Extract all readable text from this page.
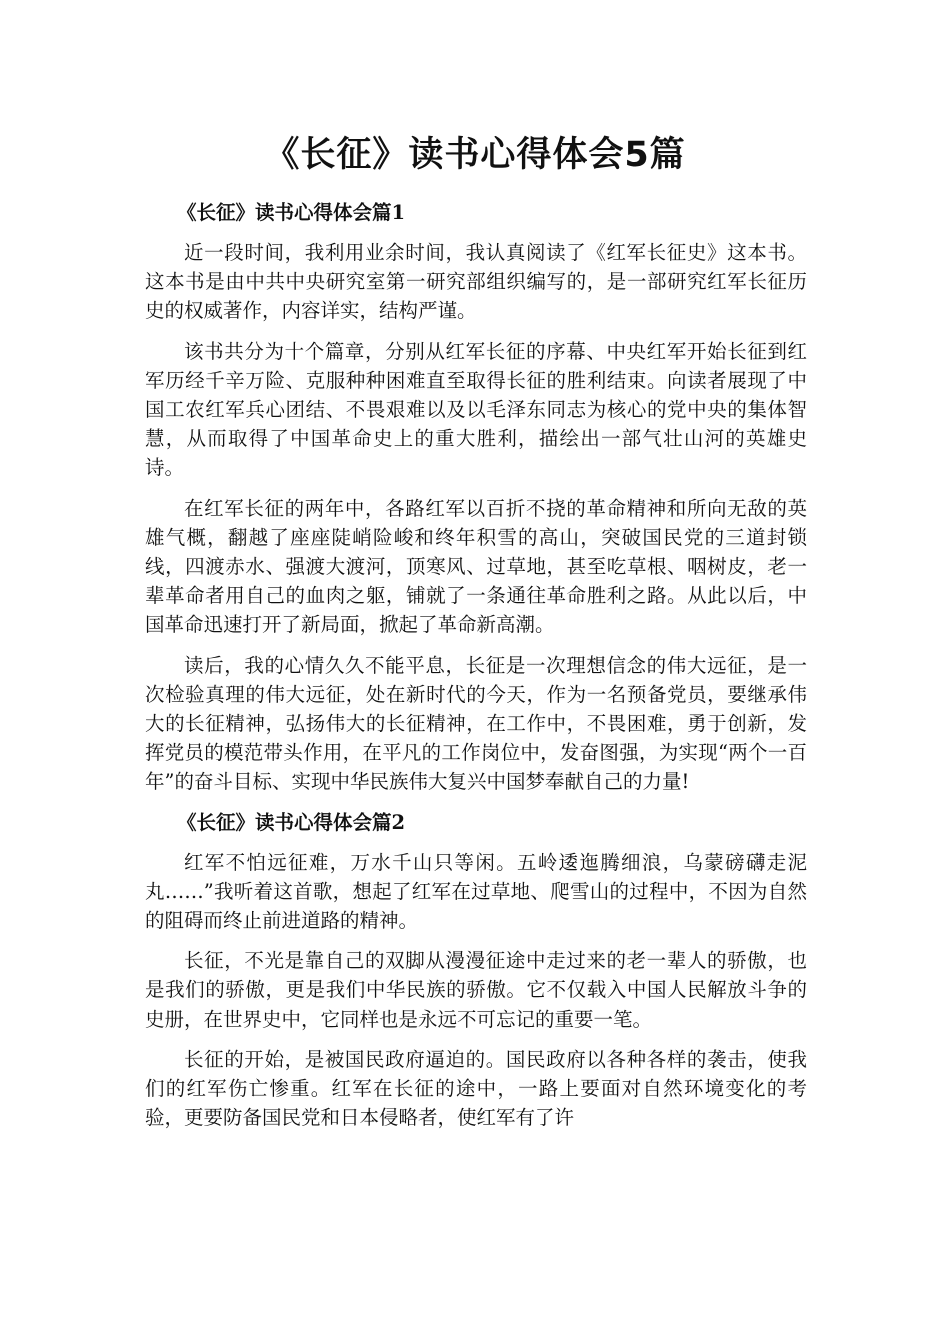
《长征》读书心得体会5篇
《长征》读书心得体会篇1

近一段时间，我利用业余时间，我认真阅读了《红军长征史》这本书。这本书是由中共中央研究室第一研究部组织编写的，是一部研究红军长征历史的权威著作，内容详实，结构严谨。

该书共分为十个篇章，分别从红军长征的序幕、中央红军开始长征到红军历经千辛万险、克服种种困难直至取得长征的胜利结束。向读者展现了中国工农红军兵心团结、不畏艰难以及以毛泽东同志为核心的党中央的集体智慧，从而取得了中国革命史上的重大胜利，描绘出一部气壮山河的英雄史诗。

在红军长征的两年中，各路红军以百折不挠的革命精神和所向无敌的英雄气概，翻越了座座陡峭险峻和终年积雪的高山，突破国民党的三道封锁线，四渡赤水、强渡大渡河，顶寒风、过草地，甚至吃草根、咽树皮，老一辈革命者用自己的血肉之躯，铺就了一条通往革命胜利之路。从此以后，中国革命迅速打开了新局面，掀起了革命新高潮。

读后，我的心情久久不能平息，长征是一次理想信念的伟大远征，是一次检验真理的伟大远征，处在新时代的今天，作为一名预备党员，要继承伟大的长征精神，弘扬伟大的长征精神，在工作中，不畏困难，勇于创新，发挥党员的模范带头作用，在平凡的工作岗位中，发奋图强，为实现“两个一百年”的奋斗目标、实现中华民族伟大复兴中国梦奉献自己的力量!

《长征》读书心得体会篇2

红军不怕远征难，万水千山只等闲。五岭逶迤腾细浪，乌蒙磅礴走泥丸……”我听着这首歌，想起了红军在过草地、爬雪山的过程中，不因为自然的阻碍而终止前进道路的精神。

长征，不光是靠自己的双脚从漫漫征途中走过来的老一辈人的骄傲，也是我们的骄傲，更是我们中华民族的骄傲。它不仅载入中国人民解放斗争的史册，在世界史中，它同样也是永远不可忘记的重要一笔。

长征的开始，是被国民政府逼迫的。国民政府以各种各样的袭击，使我们的红军伤亡惨重。红军在长征的途中，一路上要面对自然环境变化的考验，更要防备国民党和日本侵略者，使红军有了许
